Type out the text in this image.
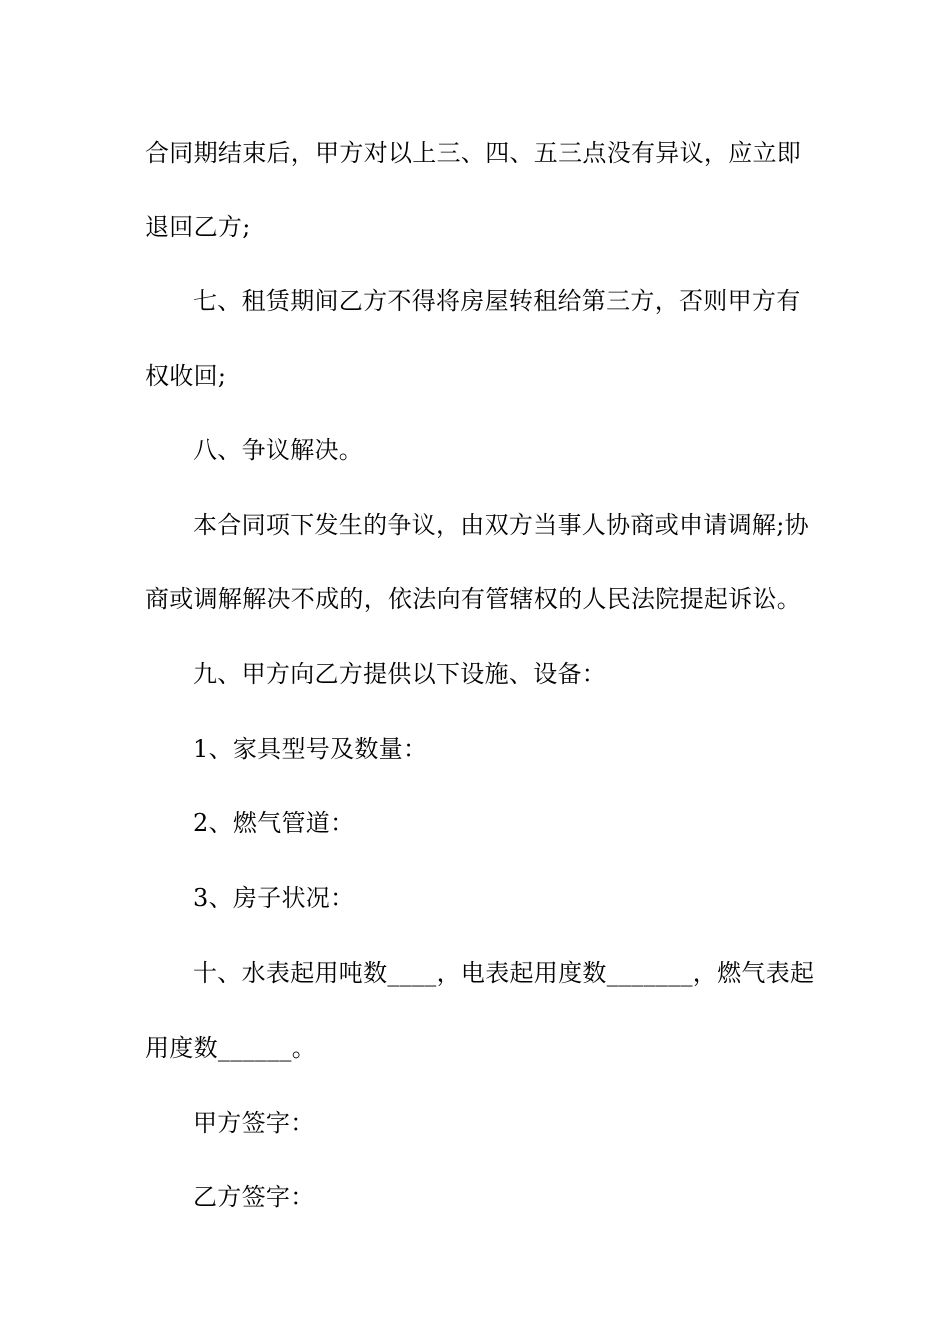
合同期结束后，甲方对以上三、四、五三点没有异议，应立即
退回乙方;
七、租赁期间乙方不得将房屋转租给第三方，否则甲方有
权收回;
八、争议解决。
本合同项下发生的争议，由双方当事人协商或申请调解;协
商或调解解决不成的，依法向有管辖权的人民法院提起诉讼。
九、甲方向乙方提供以下设施、设备：
1、家具型号及数量：
2、燃气管道：
3、房子状况：
十、水表起用吨数____，电表起用度数_______，燃气表起
用度数______。
甲方签字：
乙方签字：
